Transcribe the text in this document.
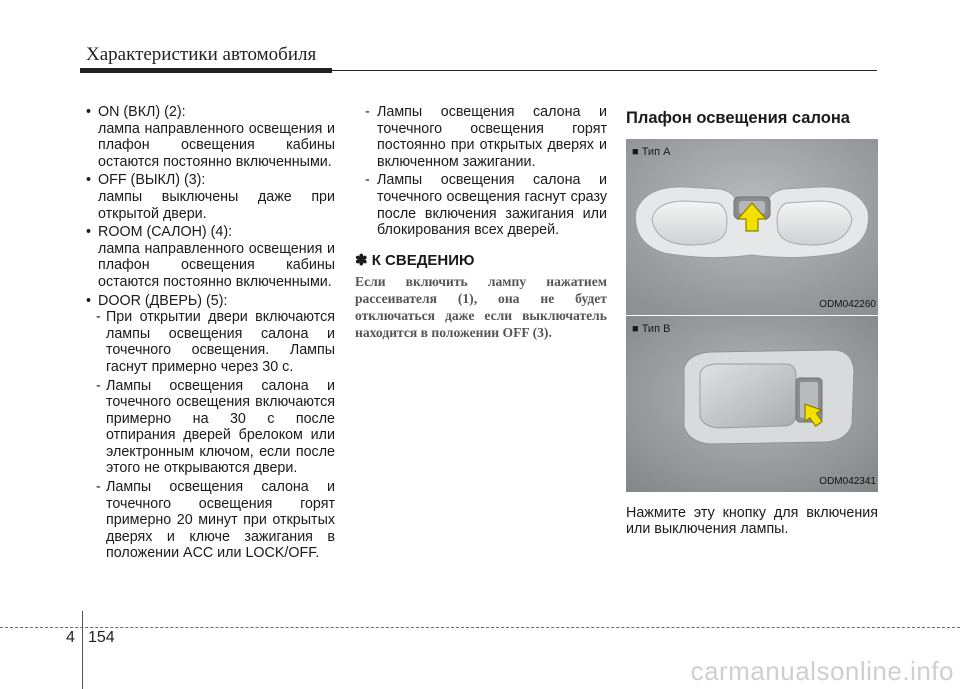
Характеристики автомобиля
• ON (ВКЛ) (2):
лампа направленного освещения и плафон освещения кабины остаются постоянно включенными.
• OFF (ВЫКЛ) (3):
лампы выключены даже при открытой двери.
• ROOM (САЛОН) (4):
лампа направленного освещения и плафон освещения кабины остаются постоянно включенными.
• DOOR (ДВЕРЬ) (5):
- При открытии двери включаются лампы освещения салона и точечного освещения. Лампы гаснут примерно через 30 с.
- Лампы освещения салона и точечного освещения включаются примерно на 30 с после отпирания дверей брелоком или электронным ключом, если после этого не открываются двери.
- Лампы освещения салона и точечного освещения горят примерно 20 минут при открытых дверях и ключе зажигания в положении ACC или LOCK/OFF.
- Лампы освещения салона и точечного освещения горят постоянно при открытых дверях и включенном зажигании.
- Лампы освещения салона и точечного освещения гаснут сразу после включения зажигания или блокирования всех дверей.
✽ К СВЕДЕНИЮ
Если включить лампу нажатием рассеивателя (1), она не будет отключаться даже если выключатель находится в положении OFF (3).
Плафон освещения салона
■ Тип A
ODM042260
■ Тип B
ODM042341
Нажмите эту кнопку для включения или выключения лампы.
4 154
carmanualsonline.info
